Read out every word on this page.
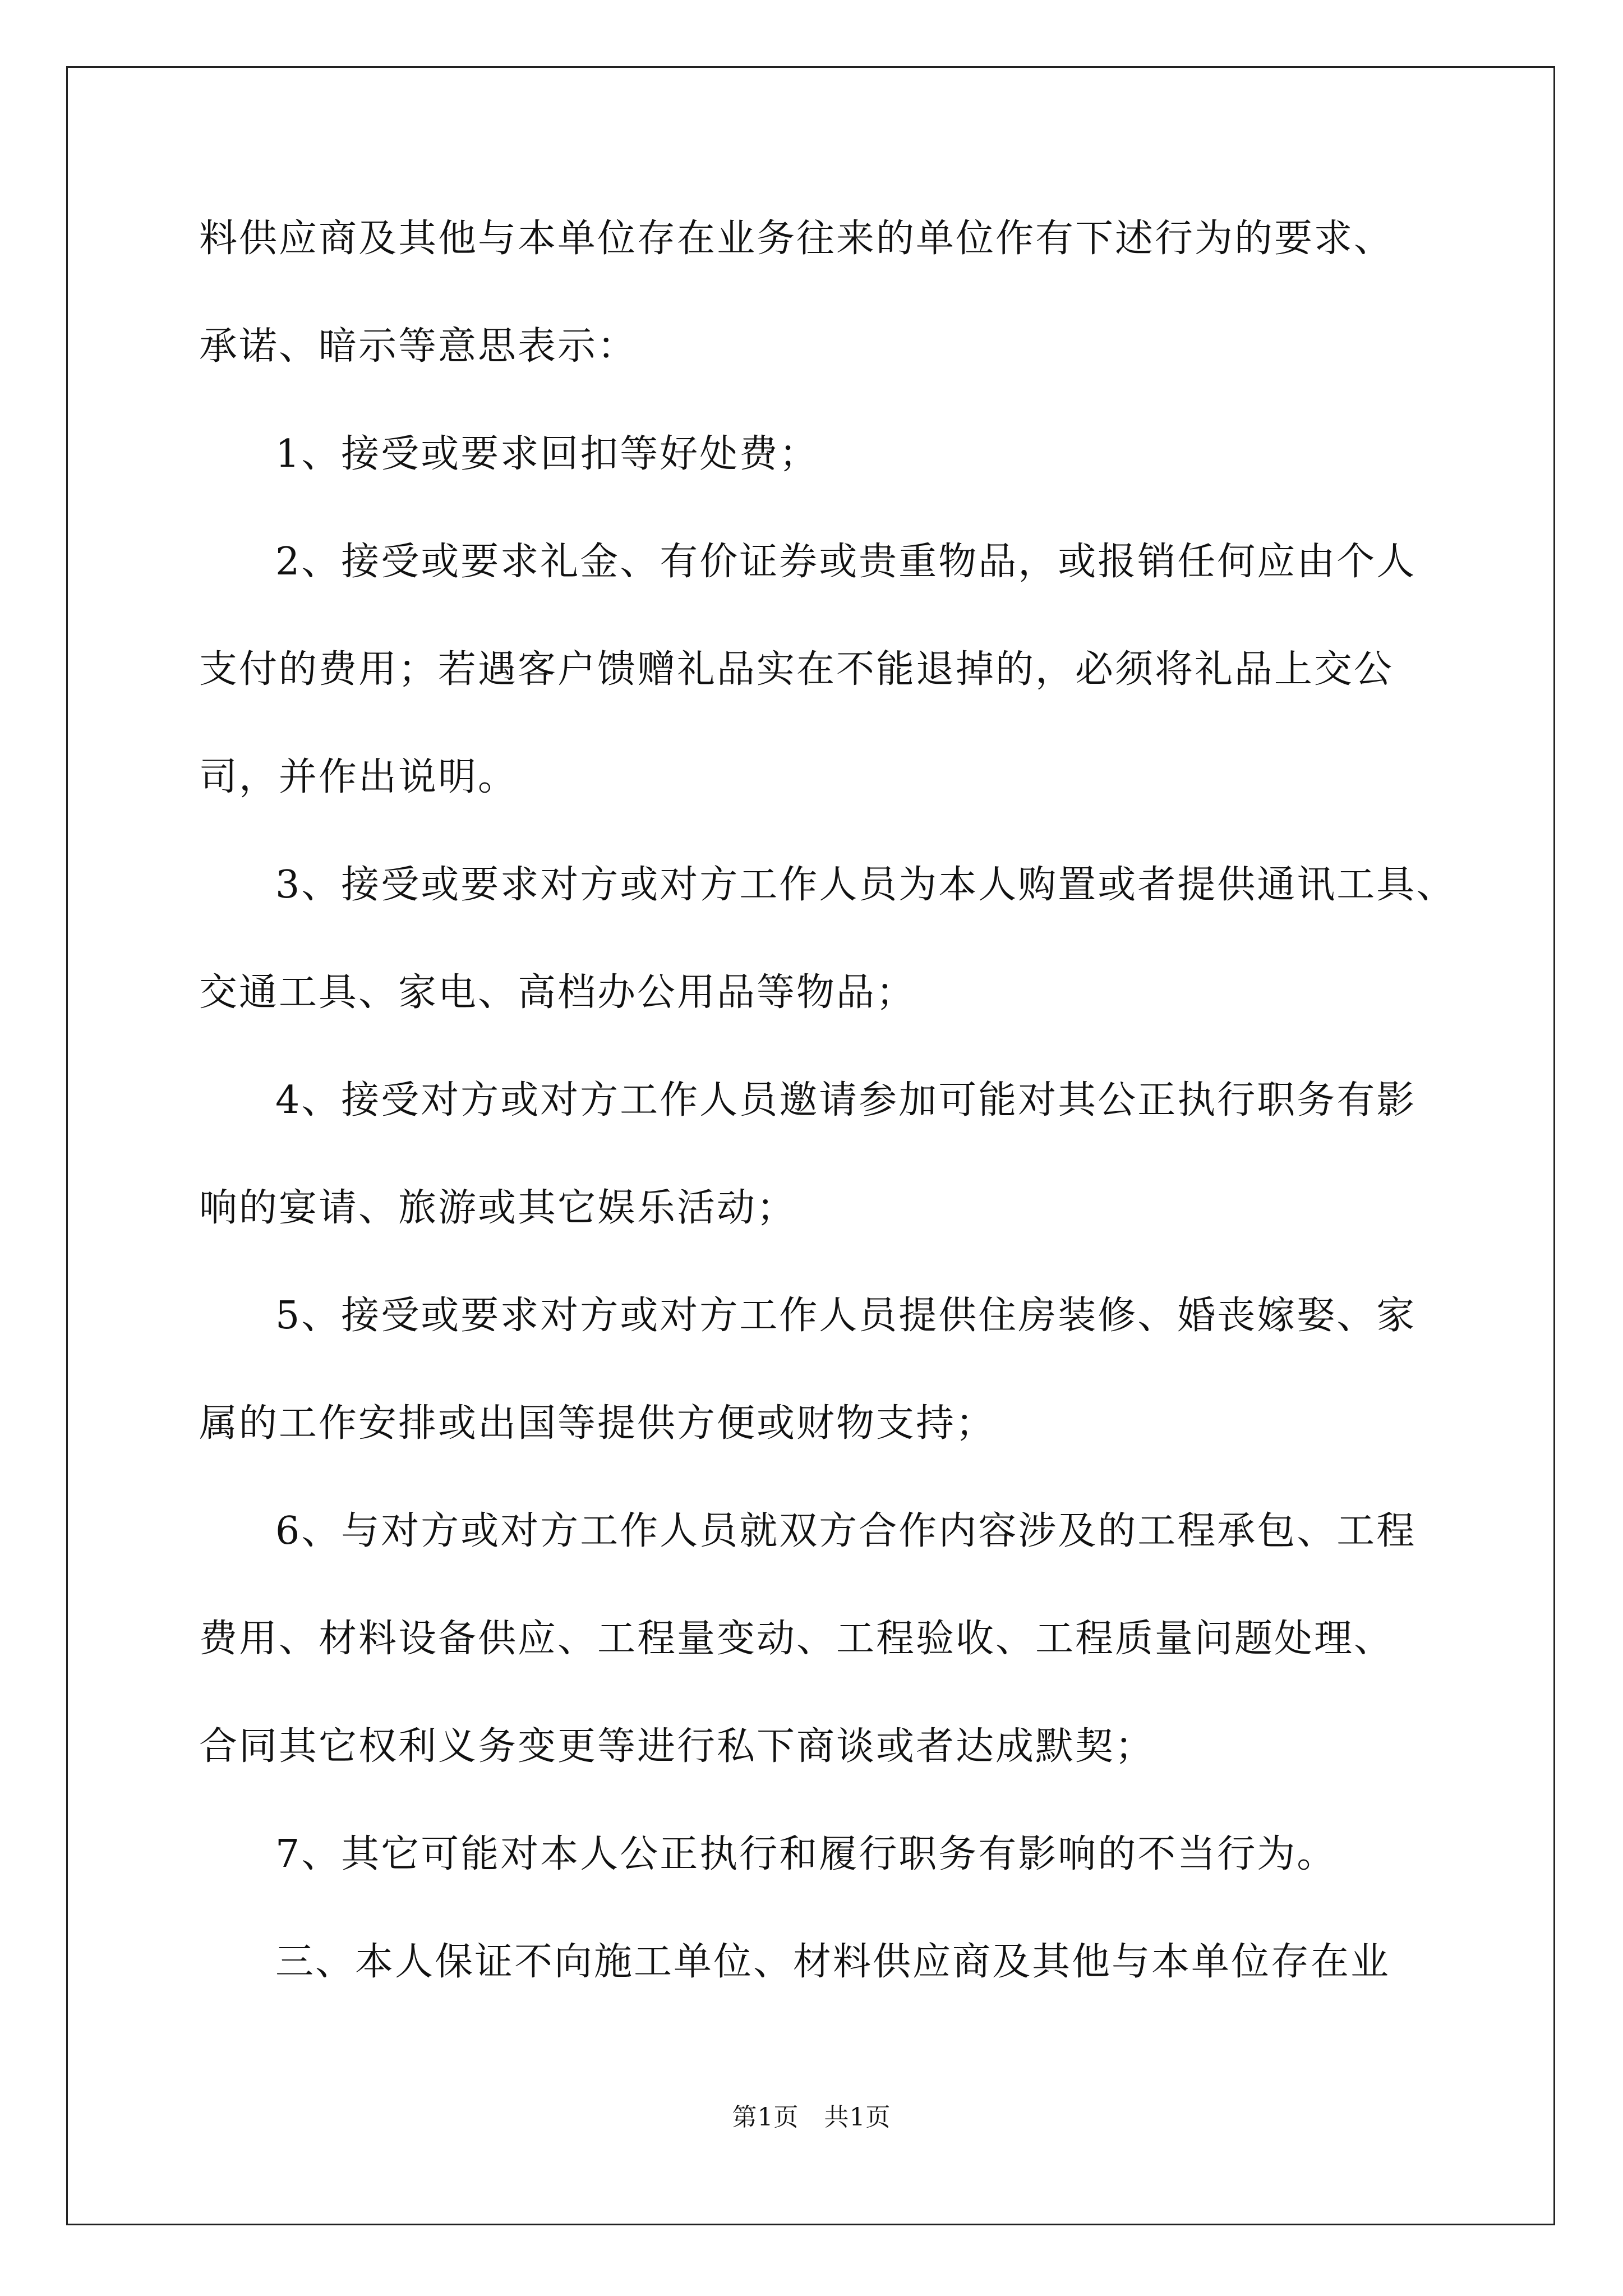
料供应商及其他与本单位存在业务往来的单位作有下述行为的要求、
承诺、暗示等意思表示：
1、接受或要求回扣等好处费；
2、接受或要求礼金、有价证券或贵重物品，或报销任何应由个人
支付的费用；若遇客户馈赠礼品实在不能退掉的，必须将礼品上交公
司，并作出说明。
3、接受或要求对方或对方工作人员为本人购置或者提供通讯工具、
交通工具、家电、高档办公用品等物品；
4、接受对方或对方工作人员邀请参加可能对其公正执行职务有影
响的宴请、旅游或其它娱乐活动；
5、接受或要求对方或对方工作人员提供住房装修、婚丧嫁娶、家
属的工作安排或出国等提供方便或财物支持；
6、与对方或对方工作人员就双方合作内容涉及的工程承包、工程
费用、材料设备供应、工程量变动、工程验收、工程质量问题处理、
合同其它权利义务变更等进行私下商谈或者达成默契；
7、其它可能对本人公正执行和履行职务有影响的不当行为。
三、本人保证不向施工单位、材料供应商及其他与本单位存在业
第1页　共1页
